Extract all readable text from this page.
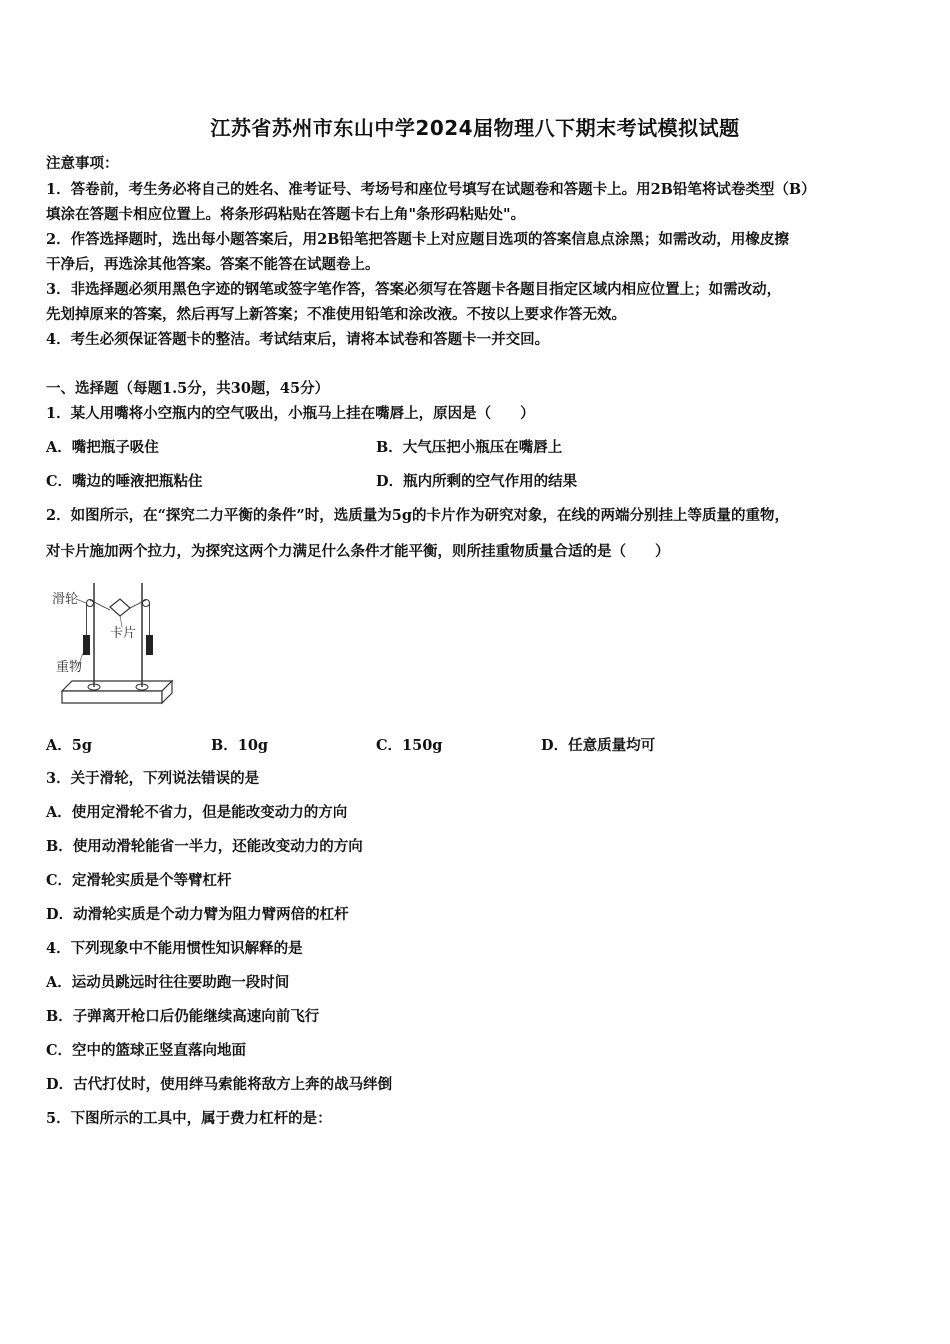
江苏省苏州市东山中学2024届物理八下期末考试模拟试题
注意事项：
1．答卷前，考生务必将自己的姓名、准考证号、考场号和座位号填写在试题卷和答题卡上。用2B铅笔将试卷类型（B）
填涂在答题卡相应位置上。将条形码粘贴在答题卡右上角"条形码粘贴处"。
2．作答选择题时，选出每小题答案后，用2B铅笔把答题卡上对应题目选项的答案信息点涂黑；如需改动，用橡皮擦
干净后，再选涂其他答案。答案不能答在试题卷上。
3．非选择题必须用黑色字迹的钢笔或签字笔作答，答案必须写在答题卡各题目指定区域内相应位置上；如需改动，
先划掉原来的答案，然后再写上新答案；不准使用铅笔和涂改液。不按以上要求作答无效。
4．考生必须保证答题卡的整洁。考试结束后，请将本试卷和答题卡一并交回。
一、选择题（每题1.5分，共30题，45分）
1．某人用嘴将小空瓶内的空气吸出，小瓶马上挂在嘴唇上，原因是（　　）
A．嘴把瓶子吸住	B．大气压把小瓶压在嘴唇上
C．嘴边的唾液把瓶粘住	D．瓶内所剩的空气作用的结果
2．如图所示，在“探究二力平衡的条件”时，选质量为5g的卡片作为研究对象，在线的两端分别挂上等质量的重物，
对卡片施加两个拉力，为探究这两个力满足什么条件才能平衡，则所挂重物质量合适的是（　　）
滑轮
卡片
重物
A．5g	B．10g	C．150g	D．任意质量均可
3．关于滑轮，下列说法错误的是
A．使用定滑轮不省力，但是能改变动力的方向
B．使用动滑轮能省一半力，还能改变动力的方向
C．定滑轮实质是个等臂杠杆
D．动滑轮实质是个动力臂为阻力臂两倍的杠杆
4．下列现象中不能用惯性知识解释的是
A．运动员跳远时往往要助跑一段时间
B．子弹离开枪口后仍能继续高速向前飞行
C．空中的篮球正竖直落向地面
D．古代打仗时，使用绊马索能将敌方上奔的战马绊倒
5．下图所示的工具中，属于费力杠杆的是：
